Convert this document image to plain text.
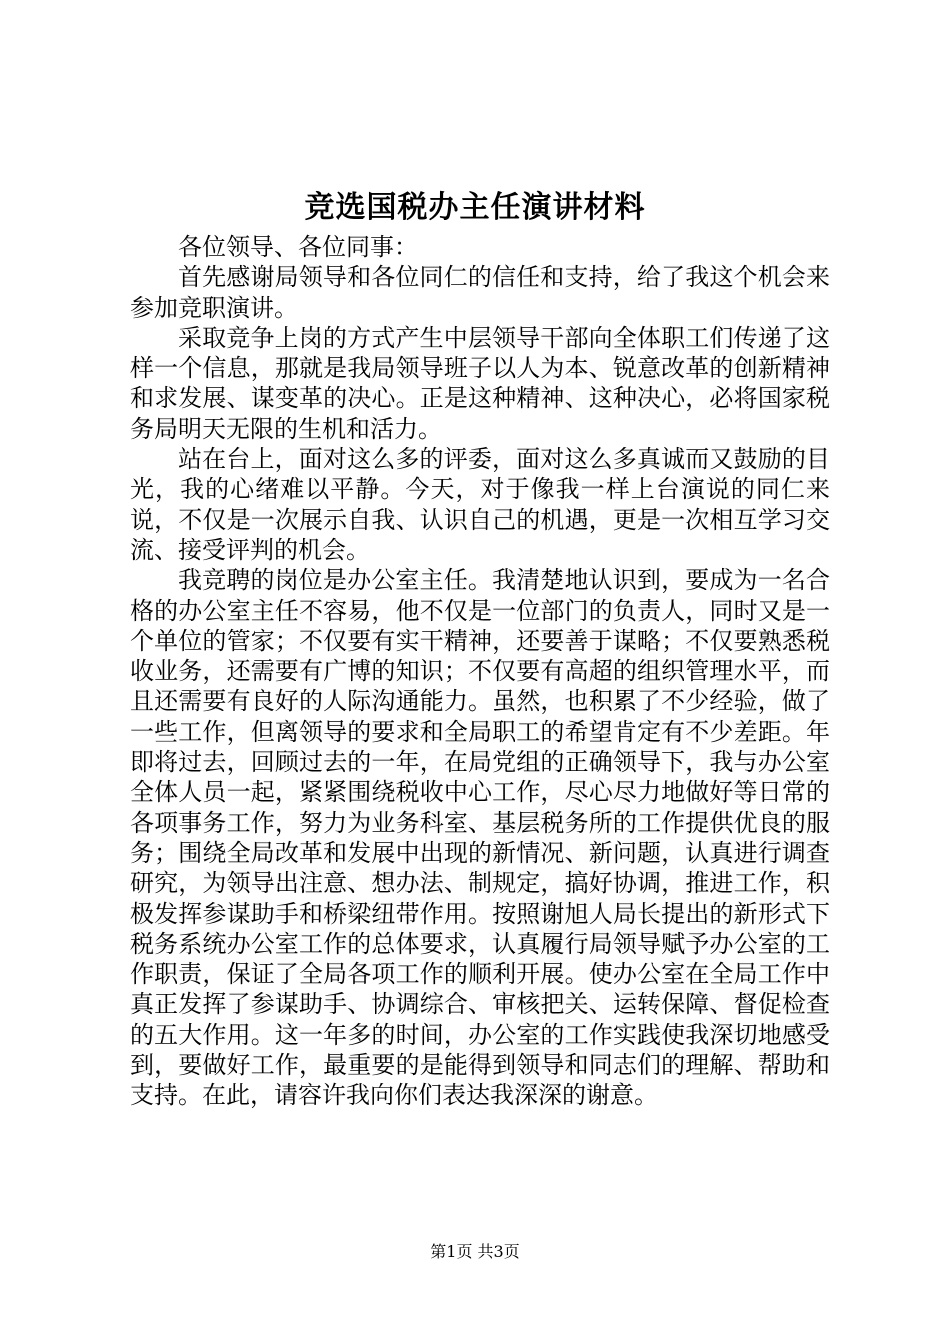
竞选国税办主任演讲材料

各位领导、各位同事：

首先感谢局领导和各位同仁的信任和支持，给了我这个机会来参加竞职演讲。

采取竞争上岗的方式产生中层领导干部向全体职工们传递了这样一个信息，那就是我局领导班子以人为本、锐意改革的创新精神和求发展、谋变革的决心。正是这种精神、这种决心，必将国家税务局明天无限的生机和活力。

站在台上，面对这么多的评委，面对这么多真诚而又鼓励的目光，我的心绪难以平静。今天，对于像我一样上台演说的同仁来说，不仅是一次展示自我、认识自己的机遇，更是一次相互学习交流、接受评判的机会。

我竞聘的岗位是办公室主任。我清楚地认识到，要成为一名合格的办公室主任不容易，他不仅是一位部门的负责人，同时又是一个单位的管家；不仅要有实干精神，还要善于谋略；不仅要熟悉税收业务，还需要有广博的知识；不仅要有高超的组织管理水平，而且还需要有良好的人际沟通能力。虽然，也积累了不少经验，做了一些工作，但离领导的要求和全局职工的希望肯定有不少差距。年即将过去，回顾过去的一年，在局党组的正确领导下，我与办公室全体人员一起，紧紧围绕税收中心工作，尽心尽力地做好等日常的各项事务工作，努力为业务科室、基层税务所的工作提供优良的服务；围绕全局改革和发展中出现的新情况、新问题，认真进行调查研究，为领导出注意、想办法、制规定，搞好协调，推进工作，积极发挥参谋助手和桥梁纽带作用。按照谢旭人局长提出的新形式下税务系统办公室工作的总体要求，认真履行局领导赋予办公室的工作职责，保证了全局各项工作的顺利开展。使办公室在全局工作中真正发挥了参谋助手、协调综合、审核把关、运转保障、督促检查的五大作用。这一年多的时间，办公室的工作实践使我深切地感受到，要做好工作，最重要的是能得到领导和同志们的理解、帮助和支持。在此，请容许我向你们表达我深深的谢意。

第1页 共3页
